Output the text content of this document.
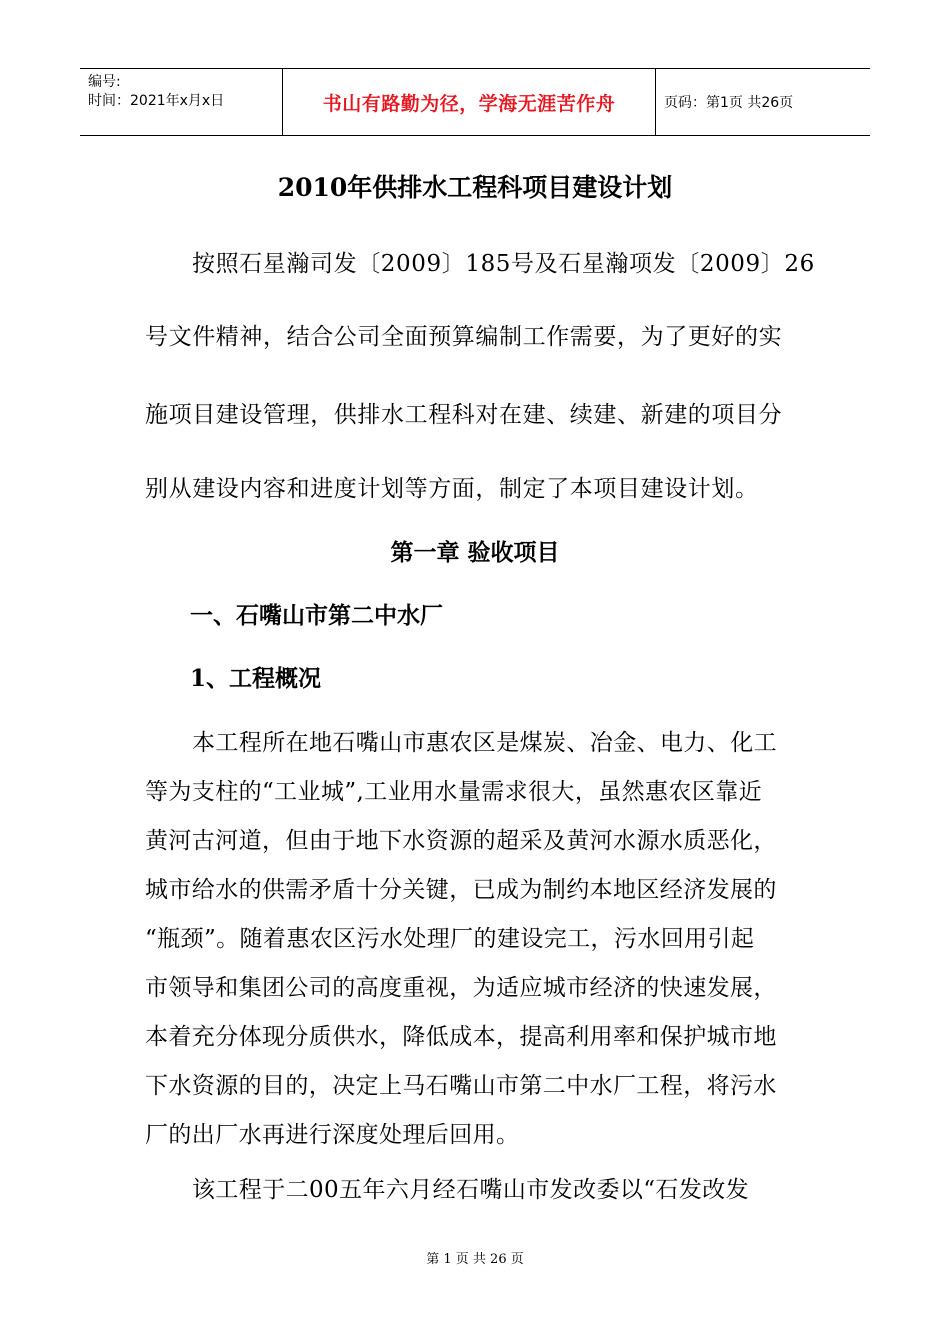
编号:
时间：2021年x月x日	书山有路勤为径，学海无涯苦作舟	页码：第1页 共26页
2010年供排水工程科项目建设计划
按照石星瀚司发〔2009〕185号及石星瀚项发〔2009〕26
号文件精神，结合公司全面预算编制工作需要，为了更好的实
施项目建设管理，供排水工程科对在建、续建、新建的项目分
别从建设内容和进度计划等方面，制定了本项目建设计划。
第一章 验收项目
一、石嘴山市第二中水厂
1、工程概况
本工程所在地石嘴山市惠农区是煤炭、冶金、电力、化工
等为支柱的“工业城”,工业用水量需求很大，虽然惠农区靠近
黄河古河道，但由于地下水资源的超采及黄河水源水质恶化，
城市给水的供需矛盾十分关键，已成为制约本地区经济发展的
“瓶颈”。随着惠农区污水处理厂的建设完工，污水回用引起
市领导和集团公司的高度重视，为适应城市经济的快速发展，
本着充分体现分质供水，降低成本，提高利用率和保护城市地
下水资源的目的，决定上马石嘴山市第二中水厂工程，将污水
厂的出厂水再进行深度处理后回用。
该工程于二00五年六月经石嘴山市发改委以“石发改发
第 1 页 共 26 页
